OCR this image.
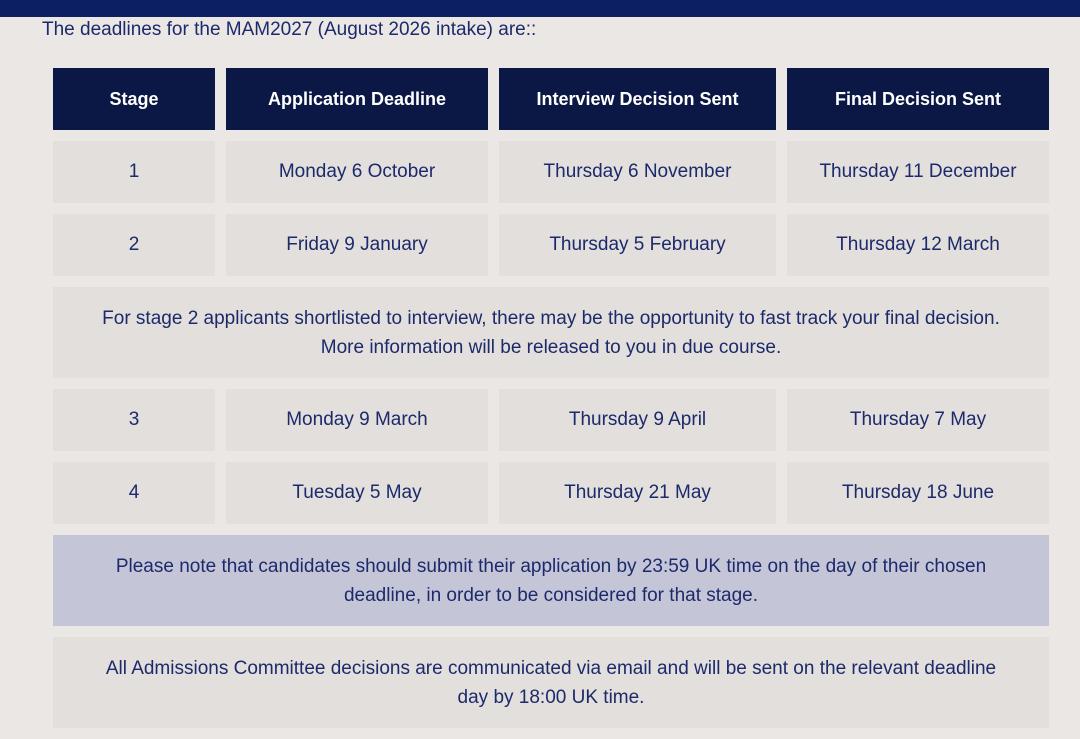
The deadlines for the MAM2027 (August 2026 intake) are::

Stage	Application Deadline	Interview Decision Sent	Final Decision Sent
1	Monday 6 October	Thursday 6 November	Thursday 11 December
2	Friday 9 January	Thursday 5 February	Thursday 12 March
For stage 2 applicants shortlisted to interview, there may be the opportunity to fast track your final decision. More information will be released to you in due course.
3	Monday 9 March	Thursday 9 April	Thursday 7 May
4	Tuesday 5 May	Thursday 21 May	Thursday 18 June
Please note that candidates should submit their application by 23:59 UK time on the day of their chosen deadline, in order to be considered for that stage.
All Admissions Committee decisions are communicated via email and will be sent on the relevant deadline day by 18:00 UK time.
